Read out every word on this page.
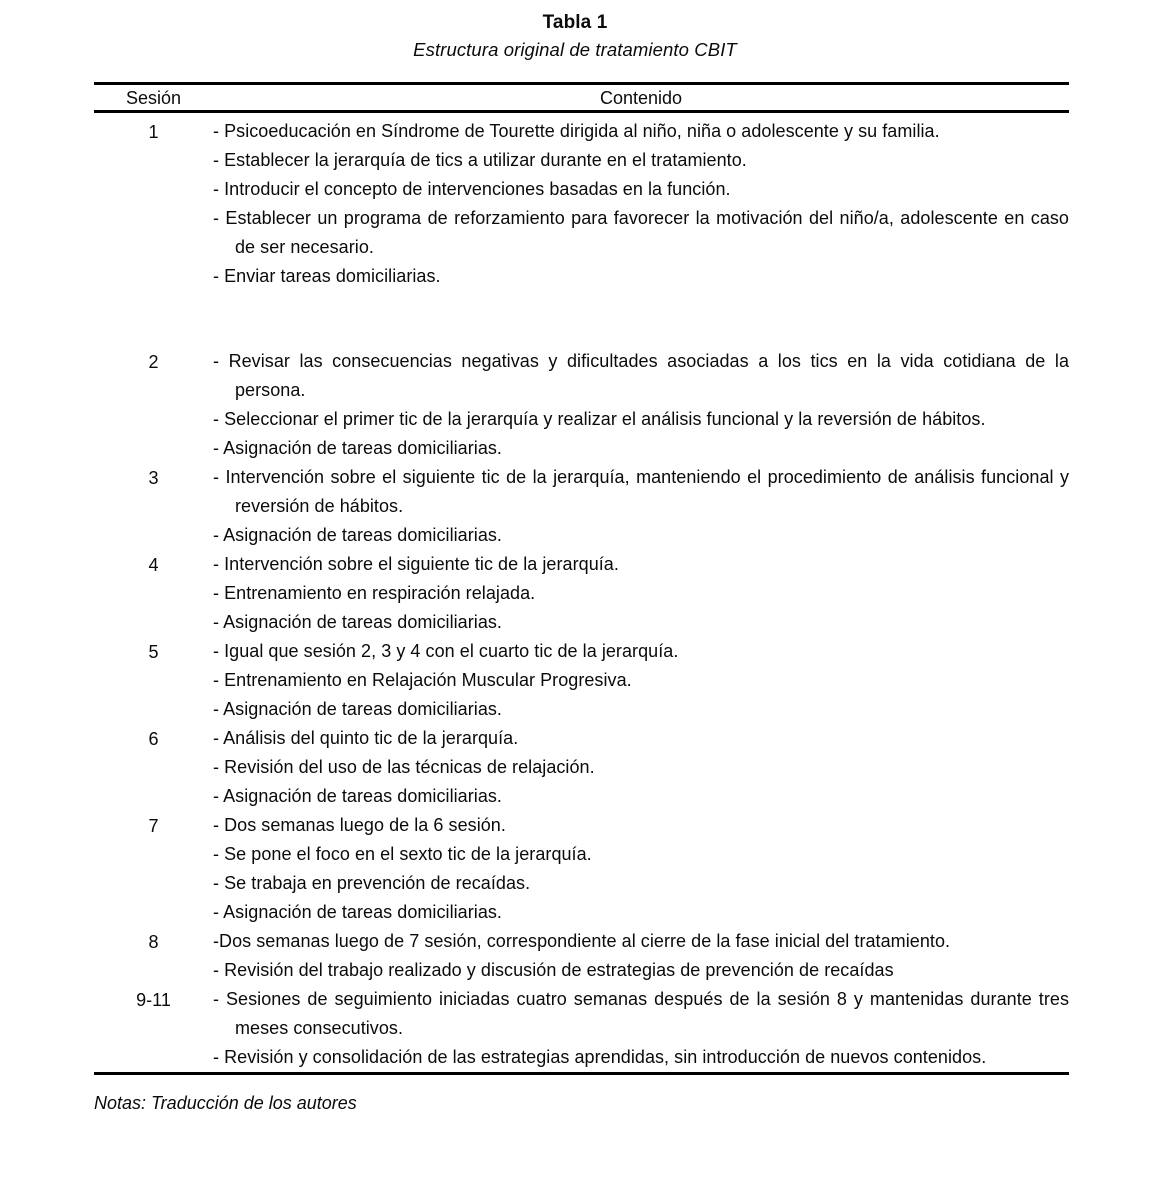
Tabla 1
Estructura original de tratamiento CBIT
Sesión	Contenido
1	- Psicoeducación en Síndrome de Tourette dirigida al niño, niña o adolescente y su familia.

- Establecer la jerarquía de tics a utilizar durante en el tratamiento.

- Introducir el concepto de intervenciones basadas en la función.

- Establecer un programa de reforzamiento para favorecer la motivación del niño/a, adolescente en caso de ser necesario.

- Enviar tareas domiciliarias.

2	- Revisar las consecuencias negativas y dificultades asociadas a los tics en la vida cotidiana de la persona.

- Seleccionar el primer tic de la jerarquía y realizar el análisis funcional y la reversión de hábitos.

- Asignación de tareas domiciliarias.

3	- Intervención sobre el siguiente tic de la jerarquía, manteniendo el procedimiento de análisis funcional y reversión de hábitos.

- Asignación de tareas domiciliarias.

4	- Intervención sobre el siguiente tic de la jerarquía.

- Entrenamiento en respiración relajada.

- Asignación de tareas domiciliarias.

5	- Igual que sesión 2, 3 y 4 con el cuarto tic de la jerarquía.

- Entrenamiento en Relajación Muscular Progresiva.

- Asignación de tareas domiciliarias.

6	- Análisis del quinto tic de la jerarquía.

- Revisión del uso de las técnicas de relajación.

- Asignación de tareas domiciliarias.

7	- Dos semanas luego de la 6 sesión.

- Se pone el foco en el sexto tic de la jerarquía.

- Se trabaja en prevención de recaídas.

- Asignación de tareas domiciliarias.

8	-Dos semanas luego de 7 sesión, correspondiente al cierre de la fase inicial del tratamiento.

- Revisión del trabajo realizado y discusión de estrategias de prevención de recaídas

9-11	- Sesiones de seguimiento iniciadas cuatro semanas después de la sesión 8 y mantenidas durante tres meses consecutivos.

- Revisión y consolidación de las estrategias aprendidas, sin introducción de nuevos contenidos.

Notas: Traducción de los autores
